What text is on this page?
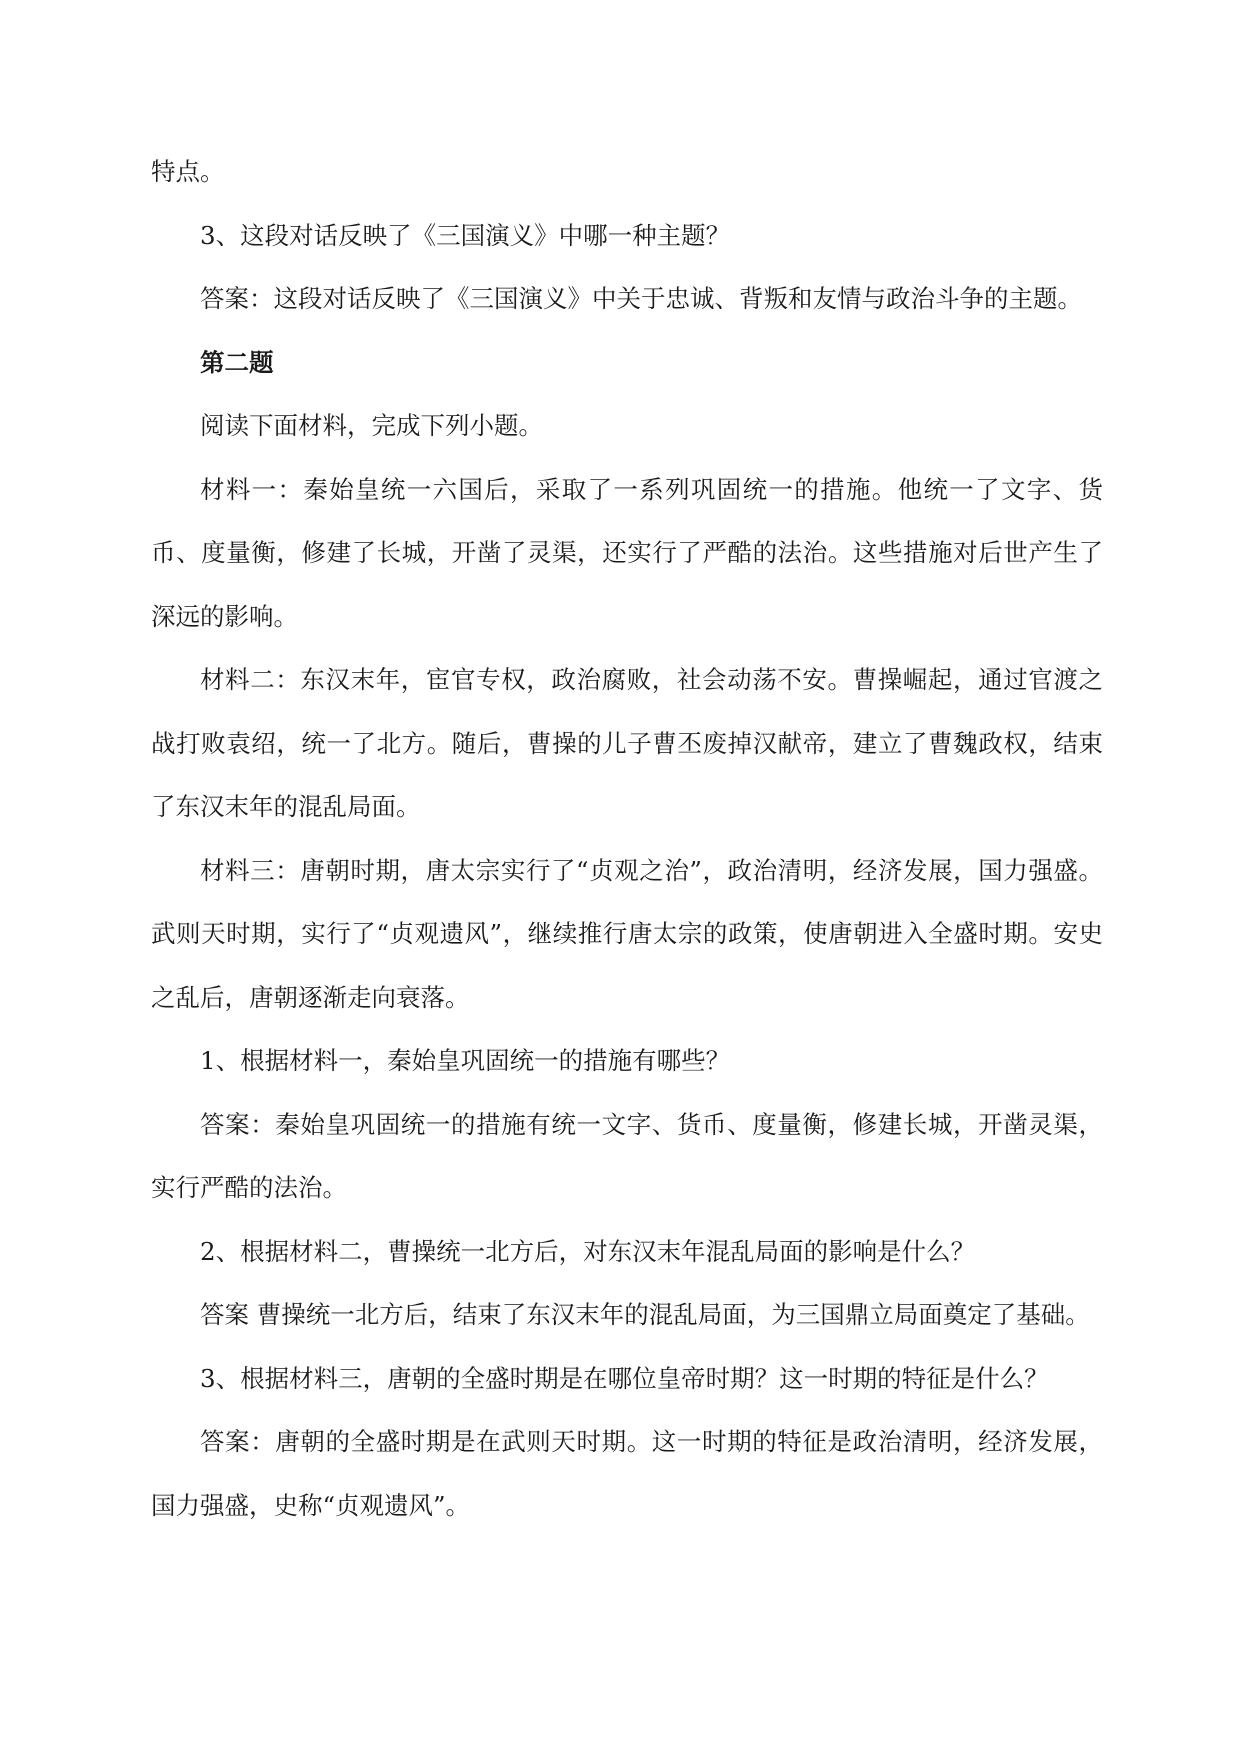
特点。

3、这段对话反映了《三国演义》中哪一种主题？

答案：这段对话反映了《三国演义》中关于忠诚、背叛和友情与政治斗争的主题。

第二题

阅读下面材料，完成下列小题。

材料一：秦始皇统一六国后，采取了一系列巩固统一的措施。他统一了文字、货币、度量衡，修建了长城，开凿了灵渠，还实行了严酷的法治。这些措施对后世产生了深远的影响。

材料二：东汉末年，宦官专权，政治腐败，社会动荡不安。曹操崛起，通过官渡之战打败袁绍，统一了北方。随后，曹操的儿子曹丕废掉汉献帝，建立了曹魏政权，结束了东汉末年的混乱局面。

材料三：唐朝时期，唐太宗实行了“贞观之治”，政治清明，经济发展，国力强盛。武则天时期，实行了“贞观遗风”，继续推行唐太宗的政策，使唐朝进入全盛时期。安史之乱后，唐朝逐渐走向衰落。

1、根据材料一，秦始皇巩固统一的措施有哪些？

答案：秦始皇巩固统一的措施有统一文字、货币、度量衡，修建长城，开凿灵渠，实行严酷的法治。

2、根据材料二，曹操统一北方后，对东汉末年混乱局面的影响是什么？

答案 曹操统一北方后，结束了东汉末年的混乱局面，为三国鼎立局面奠定了基础。

3、根据材料三，唐朝的全盛时期是在哪位皇帝时期？这一时期的特征是什么？

答案：唐朝的全盛时期是在武则天时期。这一时期的特征是政治清明，经济发展，国力强盛，史称“贞观遗风”。
